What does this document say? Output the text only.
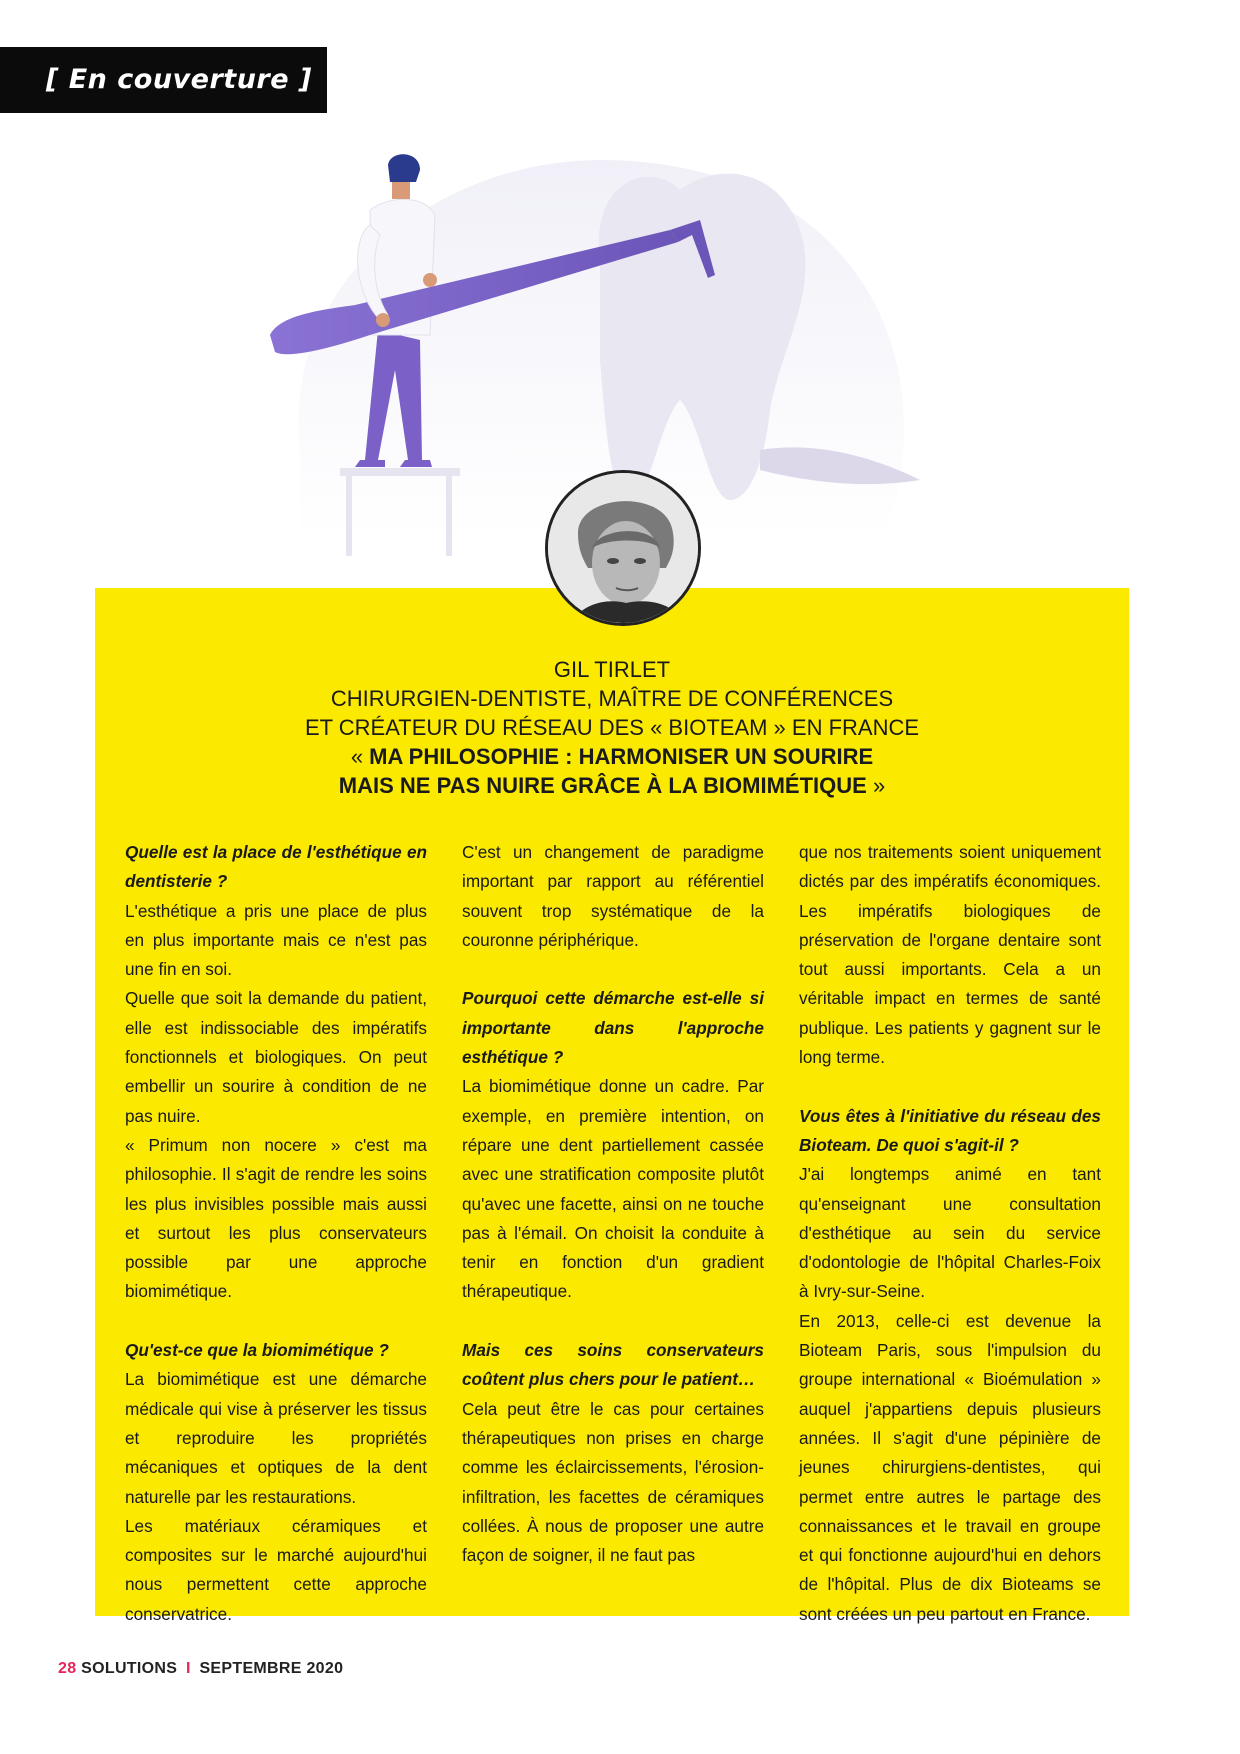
[ En couverture ]
GIL TIRLET
CHIRURGIEN-DENTISTE, MAÎTRE DE CONFÉRENCES
ET CRÉATEUR DU RÉSEAU DES « BIOTEAM » EN FRANCE
« MA PHILOSOPHIE : HARMONISER UN SOURIRE
MAIS NE PAS NUIRE GRÂCE À LA BIOMIMÉTIQUE »

Quelle est la place de l'esthétique en dentisterie ?

L'esthétique a pris une place de plus en plus importante mais ce n'est pas une fin en soi.

Quelle que soit la demande du patient, elle est indissociable des impératifs fonctionnels et biologiques. On peut embellir un sourire à condition de ne pas nuire.

« Primum non nocere » c'est ma philosophie. Il s'agit de rendre les soins les plus invisibles possible mais aussi et surtout les plus conservateurs possible par une approche biomimétique.

Qu'est-ce que la biomimétique ?

La biomimétique est une démarche médicale qui vise à préserver les tissus et reproduire les propriétés mécaniques et optiques de la dent naturelle par les restaurations.

Les matériaux céramiques et composites sur le marché aujourd'hui nous permettent cette approche conservatrice.

C'est un changement de paradigme important par rapport au référentiel souvent trop systématique de la couronne périphérique.

Pourquoi cette démarche est-elle si importante dans l'approche esthétique ?

La biomimétique donne un cadre. Par exemple, en première intention, on répare une dent partiellement cassée avec une stratification composite plutôt qu'avec une facette, ainsi on ne touche pas à l'émail. On choisit la conduite à tenir en fonction d'un gradient thérapeutique.

Mais ces soins conservateurs coûtent plus chers pour le patient…

Cela peut être le cas pour certaines thérapeutiques non prises en charge comme les éclaircissements, l'érosion-infiltration, les facettes de céramiques collées. À nous de proposer une autre façon de soigner, il ne faut pas

que nos traitements soient uniquement dictés par des impératifs économiques. Les impératifs biologiques de préservation de l'organe dentaire sont tout aussi importants. Cela a un véritable impact en termes de santé publique. Les patients y gagnent sur le long terme.

Vous êtes à l'initiative du réseau des Bioteam. De quoi s'agit-il ?

J'ai longtemps animé en tant qu'enseignant une consultation d'esthétique au sein du service d'odontologie de l'hôpital Charles-Foix à Ivry-sur-Seine.

En 2013, celle-ci est devenue la Bioteam Paris, sous l'impulsion du groupe international « Bioémulation » auquel j'appartiens depuis plusieurs années. Il s'agit d'une pépinière de jeunes chirurgiens-dentistes, qui permet entre autres le partage des connaissances et le travail en groupe et qui fonctionne aujourd'hui en dehors de l'hôpital. Plus de dix Bioteams se sont créées un peu partout en France.

28 SOLUTIONS I SEPTEMBRE 2020
